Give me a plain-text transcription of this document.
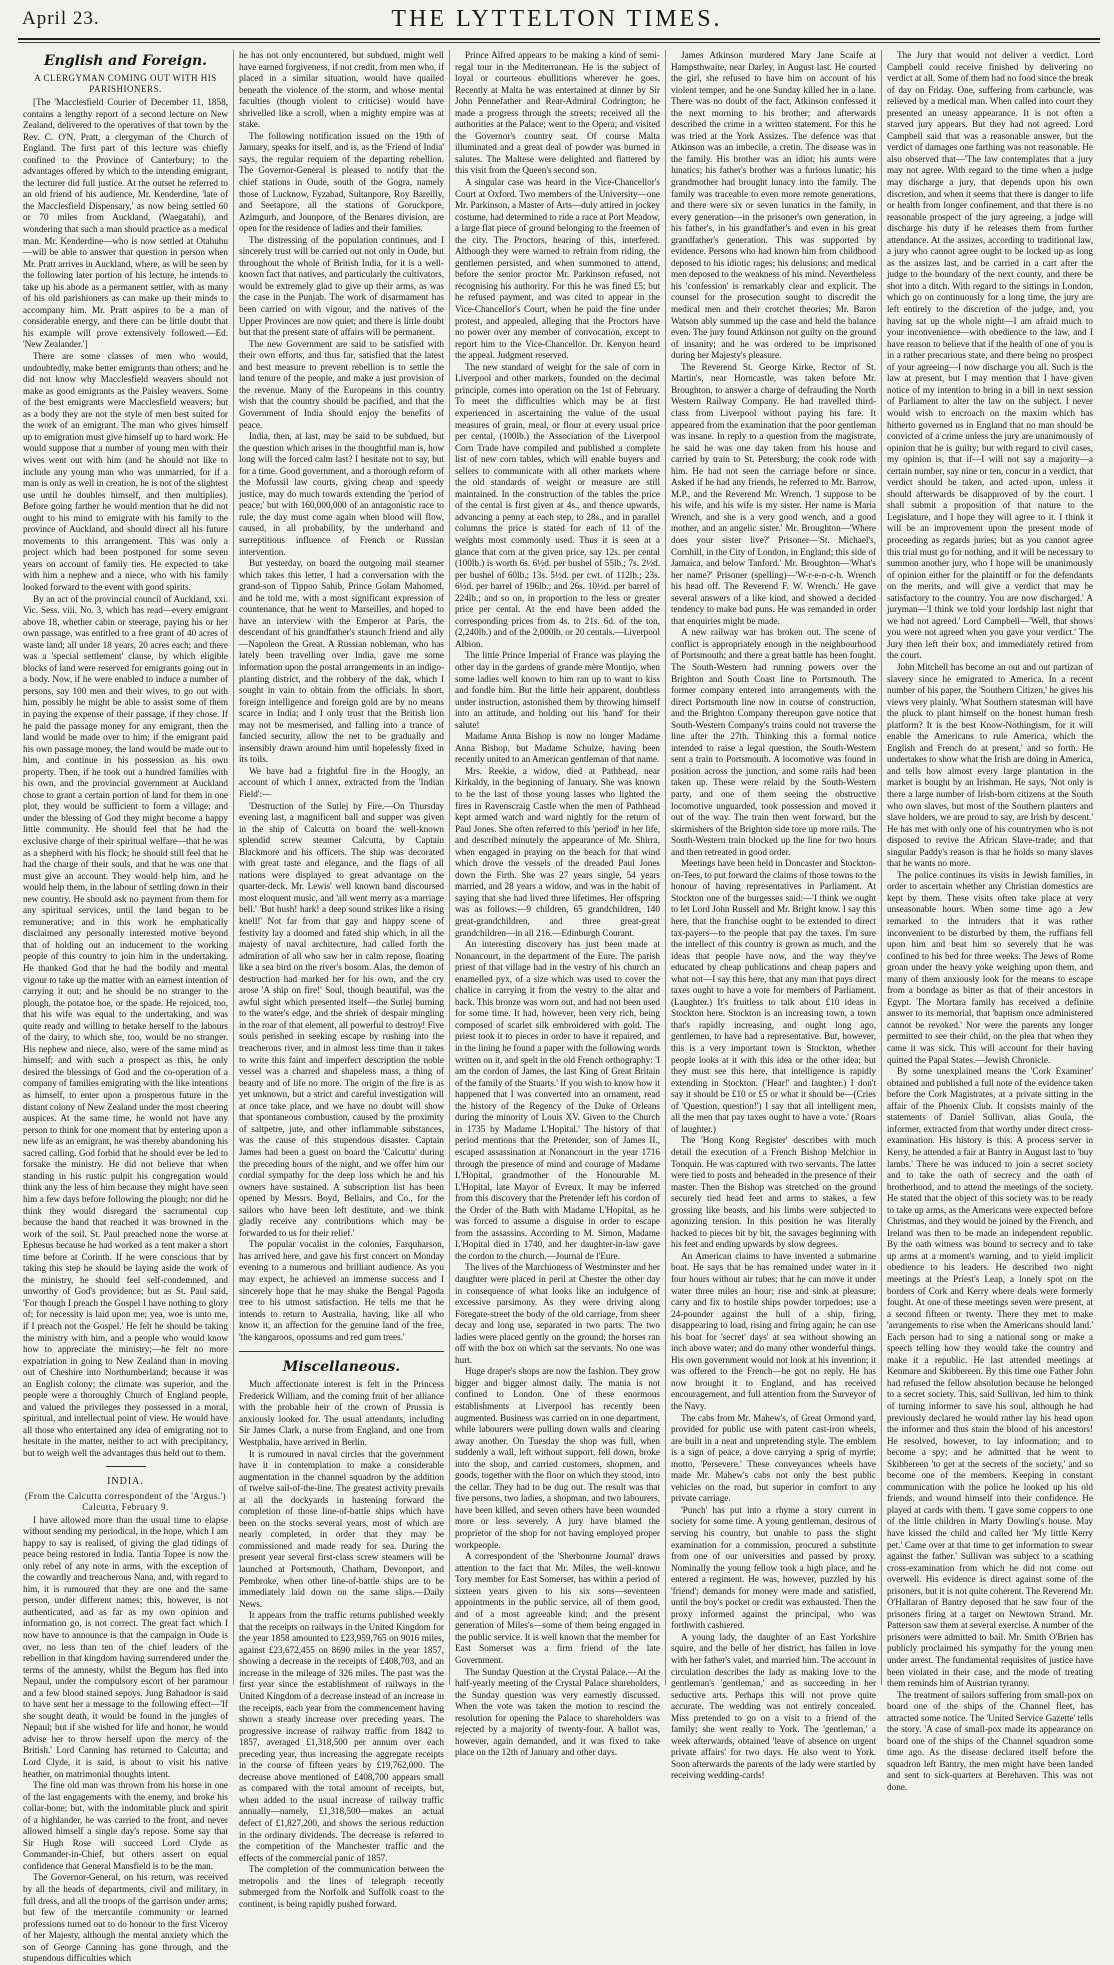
April 23.	THE LYTTELTON TIMES.
English and Foreign.
A CLERGYMAN COMING OUT WITH HIS PARISHIONERS.

[The 'Macclesfield Courier of December 11, 1858, contains a lengthy report of a second lecture on New Zealand, delivered to the operatives of that town by the Rev. C. O'N. Pratt, a clergyman of the Church of England. The first part of this lecture was chiefly confined to the Province of Canterbury; to the advantages offered by which to the intending emigrant, the lecturer did full justice. At the outset he referred to an old friend of his audience, Mr. Kenderdine, 'late of the Macclesfield Dispensary,' as now being settled 60 or 70 miles from Auckland, (Waegatahi), and wondering that such a man should practice as a medical man. Mr. Kenderdine—who is now settled at Otahuhu—will be able to answer that question in person when Mr. Pratt arrives in Auckland, where, as will be seen by the following later portion of his lecture, he intends to take up his abode as a permanent settler, with as many of his old parishioners as can make up their minds to accompany him. Mr. Pratt aspires to be a man of considerable energy, and there can be little doubt that his example will prove extensively followed.—Ed. 'New Zealander.']

There are some classes of men who would, undoubtedly, make better emigrants than others; and he did not know why Macclesfield weavers should not make as good emigrants as the Paisley weavers. Some of the best emigrants were Macclesfield weavers; but as a body they are not the style of men best suited for the work of an emigrant. The man who gives himself up to emigration must give himself up to hard work. He would suppose that a number of young men with their wives went out with him (and he should not like to include any young man who was unmarried, for if a man is only as well in creation, he is not of the slightest use until he doubles himself, and then multiplies). Before going farther he would mention that he did not ought to his mind to emigrate with his family to the province of Auckland, and should direct all his future movements to this arrangement. This was only a project which had been postponed for some seven years on account of family ties. He expected to take with him a nephew and a niece, who with his family looked forward to the event with good spirits.

By an act of the provincial council of Auckland, xxi. Vic. Sess. viii. No. 3, which has read—every emigrant above 18, whether cabin or steerage, paying his or her own passage, was entitled to a free grant of 40 acres of waste land; all under 18 years, 20 acres each; and there was a 'special settlement' clause, by which eligible blocks of land were reserved for emigrants going out in a body. Now, if he were enabled to induce a number of persons, say 100 men and their wives, to go out with him, possibly he might be able to assist some of them in paying the expense of their passage, if they chose. If he paid the passage money for any emigrant, then the land would be made over to him; if the emigrant paid his own passage money, the land would be made out to him, and continue in his possession as his own property. Then, if he took out a hundred families with his own, and the provincial government at Auckland chose to grant a certain portion of land for them in one plot, they would be sufficient to form a village; and under the blessing of God they might become a happy little community. He should feel that he had the exclusive charge of their spiritual welfare—that he was as a shepherd with his flock; he should still feel that he had the charge of their souls, and that he was one that must give an account. They would help him, and he would help them, in the labour of settling down in their new country. He should ask no payment from them for any spiritual services, until the land began to be remunerative; and in this work he emphatically disclaimed any personally interested motive beyond that of holding out an inducement to the working people of this country to join him in the undertaking. He thanked God that he had the bodily and mental vigour to take up the matter with an earnest intention of carrying it out; and he should be no stranger to the plough, the potatoe hoe, or the spade. He rejoiced, too, that his wife was equal to the undertaking, and was quite ready and willing to betake herself to the labours of the dairy, to which she, too, would be no stranger. His nephew and niece, also, were of the same mind as himself; and with such a prospect as this, he only desired the blessings of God and the co-operation of a company of families emigrating with the like intentions as himself, to enter upon a prosperous future in the distant colony of New Zealand under the most cheering auspices. At the same time, he would not have any person to think for one moment that by entering upon a new life as an emigrant, he was thereby abandoning his sacred calling. God forbid that he should ever be led to forsake the ministry. He did not believe that when standing in his rustic pulpit his congregation would think any the less of him because they might have seen him a few days before following the plough; nor did he think they would disregard the sacramental cup because the hand that reached it was browned in the work of the soil. St. Paul preached none the worse at Ephesus because he had worked as a tent maker a short time before at Corinth. If he were conscious that by taking this step he should be laying aside the work of the ministry, he should feel self-condemned, and unworthy of God's providence; but as St. Paul said, 'For though I preach the Gospel I have nothing to glory of; for necessity is laid upon me; yea, woe is unto me, if I preach not the Gospel.' He felt he should be taking the ministry with him, and a people who would know how to appreciate the ministry;—he felt no more expatriation in going to New Zealand than in moving out of Cheshire into Northumberland; because it was an English colony; the climate was superior, and the people were a thoroughly Church of England people, and valued the privileges they possessed in a moral, spiritual, and intellectual point of view. He would have all those who entertained any idea of emigrating not to hesitate in the matter, neither to act with precipitancy, but to weigh well the advantages thus held out to them.

INDIA.
(From the Calcutta correspondent of the 'Argus.') Calcutta, February 9.

I have allowed more than the usual time to elapse without sending my periodical, in the hope, which I am happy to say is realised, of giving the glad tidings of peace being restored in India. Tantia Topee is now the only rebel of any note in arms, with the exception of the cowardly and treacherous Nana, and, with regard to him, it is rumoured that they are one and the same person, under different names; this, however, is not authenticated, and as far as my own opinion and information go, is not correct. The great fact which I now have to announce is that the campaign in Oude is over, no less than ten of the chief leaders of the rebellion in that kingdom having surrendered under the terms of the amnesty, whilst the Begum has fled into Nepaul, under the compulsory escort of her paramour and a few blood stained sepoys. Jung Bahadoor is said to have sent her a message to the following effect—'If she sought death, it would be found in the jungles of Nepaul; but if she wished for life and honor, he would advise her to throw herself upon the mercy of the British.' Lord Canning has returned to Calcutta; and Lord Clyde, it is said, is about to visit his native heather, on matrimonial thoughts intent.

The fine old man was thrown from his horse in one of the last engagements with the enemy, and broke his collar-bone; but, with the indomitable pluck and spirit of a highlander, he was carried to the front, and never allowed himself a single day's repose. Some say that Sir Hugh Rose will succeed Lord Clyde as Commander-in-Chief, but others assert on equal confidence that General Mansfield is to be the man.

The Governor-General, on his return, was received by all the heads of departments, civil and military, in full dress, and all the troops of the garrison under arms; but few of the mercantile community or learned professions turned out to do honour to the first Viceroy of her Majesty, although the mental anxiety which the son of George Canning has gone through, and the stupendous difficulties which

he has not only encountered, but subdued, might well have earned forgiveness, if not credit, from men who, if placed in a similar situation, would have quailed beneath the violence of the storm, and whose mental faculties (though violent to criticise) would have shrivelled like a scroll, when a mighty empire was at stake.

The following notification issued on the 19th of January, speaks for itself, and is, as the 'Friend of India' says, the regular requiem of the departing rebellion. The Governor-General is pleased to notify that the chief stations in Oude, south of the Gogra, namely those of Lucknow, Fyzabad, Sultanpore, Roy Bareilly, and Seetapore, all the stations of Goruckpore, Azimgurh, and Jounpore, of the Benares division, are open for the residence of ladies and their families.

The distressing of the population continues, and I sincerely trust will be carried out not only in Oude, but throughout the whole of British India, for it is a well-known fact that natives, and particularly the cultivators, would be extremely glad to give up their arms, as was the case in the Punjab. The work of disarmament has been carried on with vigour, and the natives of the Upper Provinces are now quiet; and there is little doubt but that the present state of affairs will be permanent.

The new Government are said to be satisfied with their own efforts, and thus far, satisfied that the latest and best measure to prevent rebellion is to settle the land tenure of the people, and make a just provision of the revenue. Many of the Europeans in this country wish that the country should be pacified, and that the Government of India should enjoy the benefits of peace.

India, then, at last, may be said to be subdued, but the question which arises in the thoughtful man is, how long will the forced calm last? I hesitate not to say, but for a time. Good government, and a thorough reform of the Mofussil law courts, giving cheap and speedy justice, may do much towards extending the 'period of peace;' but with 160,000,000 of an antagonistic race to rule, the day must come again when blood will flow, caused, in all probability, by the underhand and surreptitious influence of French or Russian intervention.

But yesterday, on board the outgoing mail steamer which takes this letter, I had a conversation with the grand-son of Tippoo Sahib, Prince Golam Mahomed, and he told me, with a most significant expression of countenance, that he went to Marseilles, and hoped to have an interview with the Emperor at Paris, the descendant of his grandfather's staunch friend and ally—Napoleon the Great. A Russian nobleman, who has lately been travelling over India, gave me some information upon the postal arrangements in an indigo-planting district, and the robbery of the dak, which I sought in vain to obtain from the officials. In short, foreign intelligence and foreign gold are by no means scarce in India; and I only trust that the British lion may not be mesmerised, and falling into a trance of fancied security, allow the net to be gradually and insensibly drawn around him until hopelessly fixed in its toils.

We have had a frightful fire in the Hoogly, an account of which I annex, extracted from the 'Indian Field':—

'Destruction of the Sutlej by Fire.—On Thursday evening last, a magnificent ball and supper was given in the ship of Calcutta on board the well-known splendid screw steamer Calcutta, by Captain Blackmore and his officers. The ship was decorated with great taste and elegance, and the flags of all nations were displayed to great advantage on the quarter-deck. Mr. Lewis' well known band discoursed most eloquent music, and 'all went merry as a marriage bell.' 'But hush! hark! a deep sound strikes like a rising knell!' Not far from that gay and happy scene of festivity lay a doomed and fated ship which, in all the majesty of naval architecture, had called forth the admiration of all who saw her in calm repose, floating like a sea bird on the river's bosom. Alas, the demon of destruction had marked her for his own, and the cry arose 'A ship on fire!' Soul, though beautiful, was the awful sight which presented itself—the Sutlej burning to the water's edge, and the shriek of despair mingling in the roar of that element, all powerful to destroy! Five souls perished in seeking escape by rushing into the treacherous river, and in almost less time than it takes to write this faint and imperfect description the noble vessel was a charred and shapeless mass, a thing of beauty and of life no more. The origin of the fire is as yet unknown, but a strict and careful investigation will at once take place, and we have no doubt will show that spontaneous combustion, caused by the proximity of saltpetre, jute, and other inflammable substances, was the cause of this stupendous disaster. Captain James had been a guest on board the 'Calcutta' during the preceding hours of the night, and we offer him our cordial sympathy for the deep loss which he and his owners have sustained. A subscription list has been opened by Messrs. Boyd, Bellairs, and Co., for the sailors who have been left destitute, and we think gladly receive any contributions which may be forwarded to us for their relief.'

The popular vocalist in the colonies, Farquharson, has arrived here, and gave his first concert on Monday evening to a numerous and brilliant audience. As you may expect, he achieved an immense success and I sincerely hope that he may shake the Bengal Pagoda tree to his utmost satisfaction. He tells me that he intends to return to Australia, having, like all who know it, an affection for the genuine land of the free, 'the kangaroos, opossums and red gum trees.'

Miscellaneous.

Much affectionate interest is felt in the Princess Frederick William, and the coming fruit of her alliance with the probable heir of the crown of Prussia is anxiously looked for. The usual attendants, including Sir James Clark, a nurse from England, and one from Westphalia, have arrived in Berlin.

It is rumoured in naval circles that the government have it in contemplation to make a considerable augmentation in the channel squadron by the addition of twelve sail-of-the-line. The greatest activity prevails at all the dockyards in hastening forward the completion of those line-of-battle ships which have been on the stocks several years, most of which are nearly completed, in order that they may be commissioned and made ready for sea. During the present year several first-class screw steamers will be launched at Portsmouth, Chatham, Devonport, and Pembroke, when other line-of-battle ships are to be immediately laid down on the same slips.—Daily News.

It appears from the traffic returns published weekly that the receipts on railways in the United Kingdom for the year 1858 amounted to £23,959,765 on 9016 miles, against £23,672,455 on 8690 miles in the year 1857, showing a decrease in the receipts of £408,703, and an increase in the mileage of 326 miles. The past was the first year since the establishment of railways in the United Kingdom of a decrease instead of an increase in the receipts, each year from the commencement having shown a steady increase over preceding years. The progressive increase of railway traffic from 1842 to 1857, averaged £1,318,500 per annum over each preceding year, thus increasing the aggregate receipts in the course of fifteen years by £19,762,000. The decrease above mentioned of £408,700 appears small as compared with the total amount of receipts, but, when added to the usual increase of railway traffic annually—namely, £1,318,500—makes an actual defect of £1,827,200, and shows the serious reduction in the ordinary dividends. The decrease is referred to the competition of the Manchester traffic and the effects of the commercial panic of 1857.

The completion of the communication between the metropolis and the lines of telegraph recently submerged from the Norfolk and Suffolk coast to the continent, is being rapidly pushed forward.

Prince Alfred appears to be making a kind of semi-regal tour in the Mediterranean. He is the subject of loyal or courteous ebullitions wherever he goes. Recently at Malta he was entertained at dinner by Sir John Pennefather and Rear-Admiral Codrington; he made a progress through the streets; received all the authorities at the Palace; went to the Opera; and visited the Governor's country seat. Of course Malta illuminated and a great deal of powder was burned in salutes. The Maltese were delighted and flattered by this visit from the Queen's second son.

A singular case was heard in the Vice-Chancellor's Court at Oxford. Two members of the University—one Mr. Parkinson, a Master of Arts—duly attired in jockey costume, had determined to ride a race at Port Meadow, a large flat piece of ground belonging to the freemen of the city. The Proctors, hearing of this, interfered. Although they were warned to refrain from riding, the gentlemen persisted, and when summoned to attend, before the senior proctor Mr. Parkinson refused, not recognising his authority. For this he was fined £5; but he refused payment, and was cited to appear in the Vice-Chancellor's Court, when he paid the fine under protest, and appealed, alleging that the Proctors have no power over any member of convocation, except to report him to the Vice-Chancellor. Dr. Kenyon heard the appeal. Judgment reserved.

The new standard of weight for the sale of corn in Liverpool and other markets, founded on the decimal principle, comes into operation on the 1st of February. To meet the difficulties which may be at first experienced in ascertaining the value of the usual measures of grain, meal, or flour at every usual price per cental, (100lb.) the Association of the Liverpool Corn Trade have compiled and published a complete list of new corn tables, which will enable buyers and sellers to communicate with all other markets where the old standards of weight or measure are still maintained. In the construction of the tables the price of the cental is first given at 4s., and thence upwards, advancing a penny at each step, to 28s., and in parallel columns the price is stated for each of 11 of the weights most commonly used. Thus it is seen at a glance that corn at the given price, say 12s. per cental (100lb.) is worth 6s. 6½d. per bushel of 55lb.; 7s. 2½d. per bushel of 60lb.; 13s. 5½d. per cwt. of 112lb.; 23s. 6½d. per barrel of 196lb.; and 26s. 10½d. per barrel of 224lb.; and so on, in proportion to the less or greater price per cental. At the end have been added the corresponding prices from 4s. to 21s. 6d. of the ton, (2,240lb.) and of the 2,000lb. or 20 centals.—Liverpool Albion.

The little Prince Imperial of France was playing the other day in the gardens of grande mère Montijo, when some ladies well known to him ran up to want to kiss and fondle him. But the little heir apparent, doubtless under instruction, astonished them by throwing himself into an attitude, and holding out his 'hand' for their salute!

Madame Anna Bishop is now no longer Madame Anna Bishop, but Madame Schulze, having been recently united to an American gentleman of that name.

Mrs. Reekie, a widow, died at Pathhead, near Kirkaldy, in the beginning of January. She was known to be the last of those young lasses who lighted the fires in Ravenscraig Castle when the men of Pathhead kept armed watch and ward nightly for the return of Paul Jones. She often referred to this 'period' in her life, and described minutely the appearance of Mr. Shirra, when engaged in praying on the beach for that wind which drove the vessels of the dreaded Paul Jones down the Firth. She was 27 years single, 54 years married, and 28 years a widow, and was in the habit of saying that she had lived three lifetimes. Her offspring was as follows:—9 children, 65 grandchildren, 140 great-grandchildren, and three great-great grandchildren—in all 216.—Edinburgh Courant.

An interesting discovery has just been made at Nonancourt, in the department of the Eure. The parish priest of that village had in the vestry of his church an enamelled pyx, of a size which was used to cover the chalice in carrying it from the vestry to the altar and back. This bronze was worn out, and had not been used for some time. It had, however, been very rich, being composed of scarlet silk embroidered with gold. The priest took it to pieces in order to have it repaired, and in the lining he found a paper with the following words written on it, and spelt in the old French orthography: 'I am the cordon of James, the last King of Great Britain of the family of the Stuarts.' If you wish to know how it happened that I was converted into an ornament, read the history of the Regency of the Duke of Orleans during the minority of Louis XV. Given to the Church in 1735 by Madame L'Hopital.' The history of that period mentions that the Pretender, son of James II., escaped assassination at Nonancourt in the year 1716 through the presence of mind and courage of Madame L'Hopital, grandmother of the Honourable M. L'Hopital, late Mayor of Evreux. It may be inferred from this discovery that the Pretender left his cordon of the Order of the Bath with Madame L'Hopital, as he was forced to assume a disguise in order to escape from the assassins. According to M. Simon, Madame L'Hopital died in 1740, and her daughter-in-law gave the cordon to the church.—Journal de l'Eure.

The lives of the Marchioness of Westminster and her daughter were placed in peril at Chester the other day in consequence of what looks like an indulgence of excessive parsimony. As they were driving along Foregate-street the body of the old carriage, from sheer decay and long use, separated in two parts. The two ladies were placed gently on the ground; the horses ran off with the box on which sat the servants. No one was hurt.

Huge draper's shops are now the fashion. They grow bigger and bigger almost daily. The mania is not confined to London. One of these enormous establishments at Liverpool has recently been augmented. Business was carried on in one department, while labourers were pulling down walls and clearing away another. On Tuesday the shop was full, when suddenly a wall, left without support, fell down, broke into the shop, and carried customers, shopmen, and goods, together with the floor on which they stood, into the cellar. They had to be dug out. The result was that five persons, two ladies, a shopman, and two labourers, have been killed, and seven others have been wounded more or less severely. A jury have blamed the proprietor of the shop for not having employed proper workpeople.

A correspondent of the 'Sherbourne Journal' draws attention to the fact that Mr. Miles, the well-known Tory member for East Somerset, has within a period of sixteen years given to his six sons—seventeen appointments in the public service, all of them good, and of a most agreeable kind; and the present generation of Miles's—some of them being engaged in the public service. It is well known that the member for East Somerset was a firm friend of the late Government.

The Sunday Question at the Crystal Palace.—At the half-yearly meeting of the Crystal Palace shareholders, the Sunday question was very earnestly discussed. When the vote was taken the motion to rescind the resolution for opening the Palace to shareholders was rejected by a majority of twenty-four. A ballot was, however, again demanded, and it was fixed to take place on the 12th of January and other days.

James Atkinson murdered Mary Jane Scaife at Hampsthwaite, near Darley, in August last. He courted the girl, she refused to have him on account of his violent temper, and he one Sunday killed her in a lane. There was no doubt of the fact, Atkinson confessed it the next morning to his brother; and afterwards described the crime in a written statement. For this he was tried at the York Assizes. The defence was that Atkinson was an imbecile, a cretin. The disease was in the family. His brother was an idiot; his aunts were lunatics; his father's brother was a furious lunatic; his grandmother had brought lunacy into the family. The family was traceable to even more remote generations, and there were six or seven lunatics in the family, in every generation—in the prisoner's own generation, in his father's, in his grandfather's and even in his great grandfather's generation. This was supported by evidence. Persons who had known him from childhood deposed to his idiotic rages; his delusions; and medical men deposed to the weakness of his mind. Nevertheless his 'confession' is remarkably clear and explicit. The counsel for the prosecution sought to discredit the medical men and their crotchet theories; Mr. Baron Watson ably summed up the case and held the balance even. The jury found Atkinson not guilty on the ground of insanity; and he was ordered to be imprisoned during her Majesty's pleasure.

The Reverend St. George Kirke, Rector of St. Martin's, near Horncastle, was taken before Mr. Broughton, to answer a charge of defrauding the North Western Railway Company. He had travelled third-class from Liverpool without paying his fare. It appeared from the examination that the poor gentleman was insane. In reply to a question from the magistrate, he said he was one day taken from his house and carried by train to St. Petersburg; the cook rode with him. He had not seen the carriage before or since. Asked if he had any friends, he referred to Mr. Barrow, M.P., and the Reverend Mr. Wrench. 'I suppose to be his wife, and his wife is my sister. Her name is Maria Wrench, and she is a very good wench, and a good mother, and an angelic sister.' Mr. Broughton—'Where does your sister live?' Prisoner—'St. Michael's, Cornhill, in the City of London, in England; this side of Jamaica, and below Tanford.' Mr. Broughton—'What's her name?' Prisoner (spelling)—'W-r-e-n-c-h. Wrench his head off. The Reverend F. W. Wrench.' He gave several answers of a like kind, and showed a decided tendency to make bad puns. He was remanded in order that enquiries might be made.

A new railway war has broken out. The scene of conflict is appropriately enough in the neighbourhood of Portsmouth; and there a great battle has been fought. The South-Western had running powers over the Brighton and South Coast line to Portsmouth. The former company entered into arrangements with the direct Portsmouth line now in course of construction, and the Brighton Company thereupon gave notice that South-Western Company's trains could not traverse the line after the 27th. Thinking this a formal notice intended to raise a legal question, the South-Western sent a train to Portsmouth. A locomotive was found in position across the junction, and some rails had been taken up. These were relaid by the South-Western party, and one of them seeing the obstructive locomotive unguarded, took possession and moved it out of the way. The train then went forward, but the skirmishers of the Brighton side tore up more rails. The South-Western train blocked up the line for two hours and then retreated in good order.

Meetings have been held in Doncaster and Stockton-on-Tees, to put forward the claims of those towns to the honour of having representatives in Parliament. At Stockton one of the burgesses said:—'I think we ought to let Lord John Russell and Mr. Bright know. I say this here, that the franchise ought to be extended to direct tax-payers—to the people that pay the taxes. I'm sure the intellect of this country is grown as much, and the ideas that people have now, and the way they've educated by cheap publications and cheap papers and what not—I say this here, that any man that pays direct taxes ought to have a vote for members of Parliament. (Laughter.) It's fruitless to talk about £10 ideas in Stockton here. Stockton is an increasing town, a town that's rapidly increasing, and ought long ago, gentlemen, to have had a representative. But, however, this is a very important town is Stockton, whether people looks at it with this idea or the other idea; but they must see this here, that intelligence is rapidly extending in Stockton. ('Hear!' and laughter.) I don't say it should be £10 or £5 or what it should be—(Cries of 'Question, question!') I say that all intelligent men, all the men that pay taxes ought to have a vote.' (Roars of laughter.)

The 'Hong Kong Register' describes with much detail the execution of a French Bishop Melchior in Tonquin. He was captured with two servants. The latter were tied to posts and beheaded in the presence of their master. Then the Bishop was stretched on the ground securely tied head feet and arms to stakes, a few grossing like beasts, and his limbs were subjected to agonizing tension. In this position he was literally hacked to pieces bit by bit, the savages beginning with his feet and ending upwards by slow degrees.

An American claims to have invented a submarine boat. He says that he has remained under water in it four hours without air tubes; that he can move it under water three miles an hour; rise and sink at pleasure; carry and fix to hostile ships powder torpedoes; use a 24-pounder against the hull of a ship, firing, disappearing to load, rising and firing again; he can use his boat for 'secret' days' at sea without showing an inch above water; and do many other wonderful things. His own government would not look at his invention; it was offered to the French—he got no reply. He has now brought it to England, and has received encouragement, and full attention from the Surveyor of the Navy.

The cabs from Mr. Mahew's, of Great Ormond yard, provided for public use with patent cast-iron wheels, are built in a neat and unpretending style. The emblem is a sign of peace, a dove carrying a sprig of myrtle; motto, 'Persevere.' These conveyances wheels have made Mr. Mahew's cabs not only the best public vehicles on the road, but superior in comfort to any private carriage.

'Punch' has put into a rhyme a story current in society for some time. A young gentleman, desirous of serving his country, but unable to pass the slight examination for a commission, procured a substitute from one of our universities and passed by proxy. Nominally the young fellow took a high place, and he entered a regiment. He was, however, puzzled by his 'friend'; demands for money were made and satisfied, until the boy's pocket or credit was exhausted. Then the proxy informed against the principal, who was forthwith cashiered.

A young lady, the daughter of an East Yorkshire squire, and the belle of her district, has fallen in love with her father's valet, and married him. The account in circulation describes the lady as making love to the gentleman's 'gentleman,' and as succeeding in her seductive arts. Perhaps this will not prove quite accurate. The wedding was not entirely concealed. Miss pretended to go on a visit to a friend of the family; she went really to York. The 'gentleman,' a week afterwards, obtained 'leave of absence on urgent private affairs' for two days. He also went to York. Soon afterwards the parents of the lady were startled by receiving wedding-cards!

The Jury that would not deliver a verdict. Lord Campbell could receive finished by delivering no verdict at all. Some of them had no food since the break of day on Friday. One, suffering from carbuncle, was relieved by a medical man. When called into court they presented an uneasy appearance. It is not often a starved jury appears. But they had not agreed. Lord Campbell said that was a reasonable answer, but the verdict of damages one farthing was not reasonable. He also observed that—'The law contemplates that a jury may not agree. With regard to the time when a judge may discharge a jury, that depends upon his own discretion, and when it seems that there is danger to life or health from longer confinement, and that there is no reasonable prospect of the jury agreeing, a judge will discharge his duty if he releases them from further attendance. At the assizes, according to traditional law, a jury who cannot agree ought to be locked up as long as the assizes last, and be carried in a cart after the judge to the boundary of the next county, and there be shot into a ditch. With regard to the sittings in London, which go on continuously for a long time, the jury are left entirely to the discretion of the judge, and, you having sat up the whole night—I am afraid much to your inconvenience—with obedience to the law, and I have reason to believe that if the health of one of you is in a rather precarious state, and there being no prospect of your agreeing—I now discharge you all. Such is the law at present, but I may mention that I have given notice of my intention to bring in a bill in next session of Parliament to alter the law on the subject. I never would wish to encroach on the maxim which has hitherto governed us in England that no man should be convicted of a crime unless the jury are unanimously of opinion that he is guilty; but with regard to civil cases, my opinion is, that if—I will not say a majority—a certain number, say nine or ten, concur in a verdict, that verdict should be taken, and acted upon, unless it should afterwards be disapproved of by the court. I shall submit a proposition of that nature to the Legislature, and I hope they will agree to it. I think it will be an improvement upon the present mode of proceeding as regards juries; but as you cannot agree this trial must go for nothing, and it will be necessary to summon another jury, who I hope will be unanimously of opinion either for the plaintiff or for the defendants on the merits, and will give a verdict that may be satisfactory to the country. You are now discharged.' A juryman—'I think we told your lordship last night that we had not agreed.' Lord Campbell—'Well, that shows you were not agreed when you gave your verdict.' The Jury then left their box, and immediately retired from the court.

John Mitchell has become an out and out partizan of slavery since he emigrated to America. In a recent number of his paper, the 'Southern Citizen,' he gives his views very plainly. 'What Southern statesman will have the pluck to plant himself on the honest human fresh platform? It is the best Know-Nothingism, for it will enable the Americans to rule America, which the English and French do at present,' and so forth. He undertakes to show what the Irish are doing in America, and tells how almost every large plantation in the market is bought by an Irishman. He says, 'Not only is there a large number of Irish-born citizens at the South who own slaves, but most of the Southern planters and slave holders, we are proud to say, are Irish by descent.' He has met with only one of his countrymen who is not disposed to revive the African Slave-trade; and that singular Paddy's reason is that he holds so many slaves that he wants no more.

The police continues its visits in Jewish families, in order to ascertain whether any Christian domestics are kept by them. These visits often take place at very unseasonable hours. When some time ago a Jew remarked to the intruders that it was rather inconvenient to be disturbed by them, the ruffians fell upon him and beat him so severely that he was confined to his bed for three weeks. The Jews of Rome groan under the heavy yoke weighing upon them, and many of them anxiously look for the means to escape from a bondage as bitter as that of their ancestors in Egypt. The Mortara family has received a definite answer to its memorial, that 'baptism once administered cannot be revoked.' Nor were the parents any longer permitted to see their child, on the plea that when they came it was sick. This will account for their having quitted the Papal States.—Jewish Chronicle.

By some unexplained means the 'Cork Examiner' obtained and published a full note of the evidence taken before the Cork Magistrates, at a private sitting in the affair of the Phoenix Club. It consists mainly of the statements of Daniel Sullivan, alias Goula, the informer, extracted from that worthy under direct cross-examination. His history is this. A process server in Kerry, he attended a fair at Bantry in August last to 'buy lambs.' There he was induced to join a secret society and to take the oath of secrecy and the oath of brotherhood, and to attend the meetings of the society. He stated that the object of this society was to be ready to take up arms, as the Americans were expected before Christmas, and they would be joined by the French, and Ireland was then to be made an independent republic. By the oath witness was bound to secrecy and to take up arms at a moment's warning, and to yield implicit obedience to his leaders. He described two night meetings at the Priest's Leap, a lonely spot on the borders of Cork and Kerry where deals were formerly fought. At one of these meetings seven were present, at a second fifteen or twenty. There they met to make 'arrangements to rise when the Americans should land.' Each person had to sing a national song or make a speech telling how they would take the country and make it a republic. He last attended meetings at Kenmare and Skibbereen. By this time one Father John had refused the fellow absolution because he belonged to a secret society. This, said Sullivan, led him to think of turning informer to save his soul, although he had previously declared he would rather lay his head upon the informer and thus stain the blood of his ancestors! He resolved, however, to lay information; and to become a spy; and he admitted that he went to Skibbereen 'to get at the secrets of the society,' and so become one of the members. Keeping in constant communication with the police he looked up his old friends, and wound himself into their confidence. He played at cards with them. 'I gave some coppers to one of the little children in Marty Dowling's house. May have kissed the child and called her 'My little Kerry pet.' Came over at that time to get information to swear against the father.' Sullivan was subject to a scathing cross-examination from which he did not come out overwell. His evidence is direct against some of the prisoners, but it is not quite coherent. The Reverend Mr. O'Hallaran of Bantry deposed that he saw four of the prisoners firing at a target on Newtown Strand. Mr. Patterson saw them at several exercise. A number of the prisoners were admitted to bail. Mr. Smith O'Brien has publicly proclaimed his sympathy for the young men under arrest. The fundamental requisites of justice have been violated in their case, and the mode of treating them reminds him of Austrian tyranny.

The treatment of sailors suffering from small-pox on board one of the ships of the Channel fleet, has attracted some notice. The 'United Service Gazette' tells the story. 'A case of small-pox made its appearance on board one of the ships of the Channel squadron some time ago. As the disease declared itself before the squadron left Bantry, the men might have been landed and sent to sick-quarters at Berehaven. This was not done.
